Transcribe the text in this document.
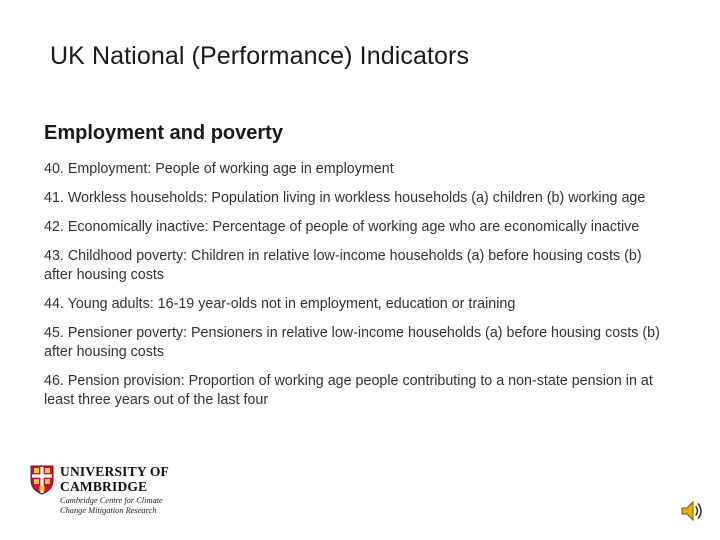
UK National (Performance) Indicators
Employment and poverty
40. Employment: People of working age in employment
41. Workless households: Population living in workless households (a) children (b) working age
42. Economically inactive: Percentage of people of working age who are economically inactive
43. Childhood poverty: Children in relative low-income households (a) before housing costs (b) after housing costs
44. Young adults: 16-19 year-olds not in employment, education or training
45. Pensioner poverty: Pensioners in relative low-income households (a) before housing costs (b) after housing costs
46. Pension provision: Proportion of working age people contributing to a non-state pension in at least three years out of the last four
UNIVERSITY OF
CAMBRIDGE
Cambridge Centre for Climate
Change Mitigation Research
